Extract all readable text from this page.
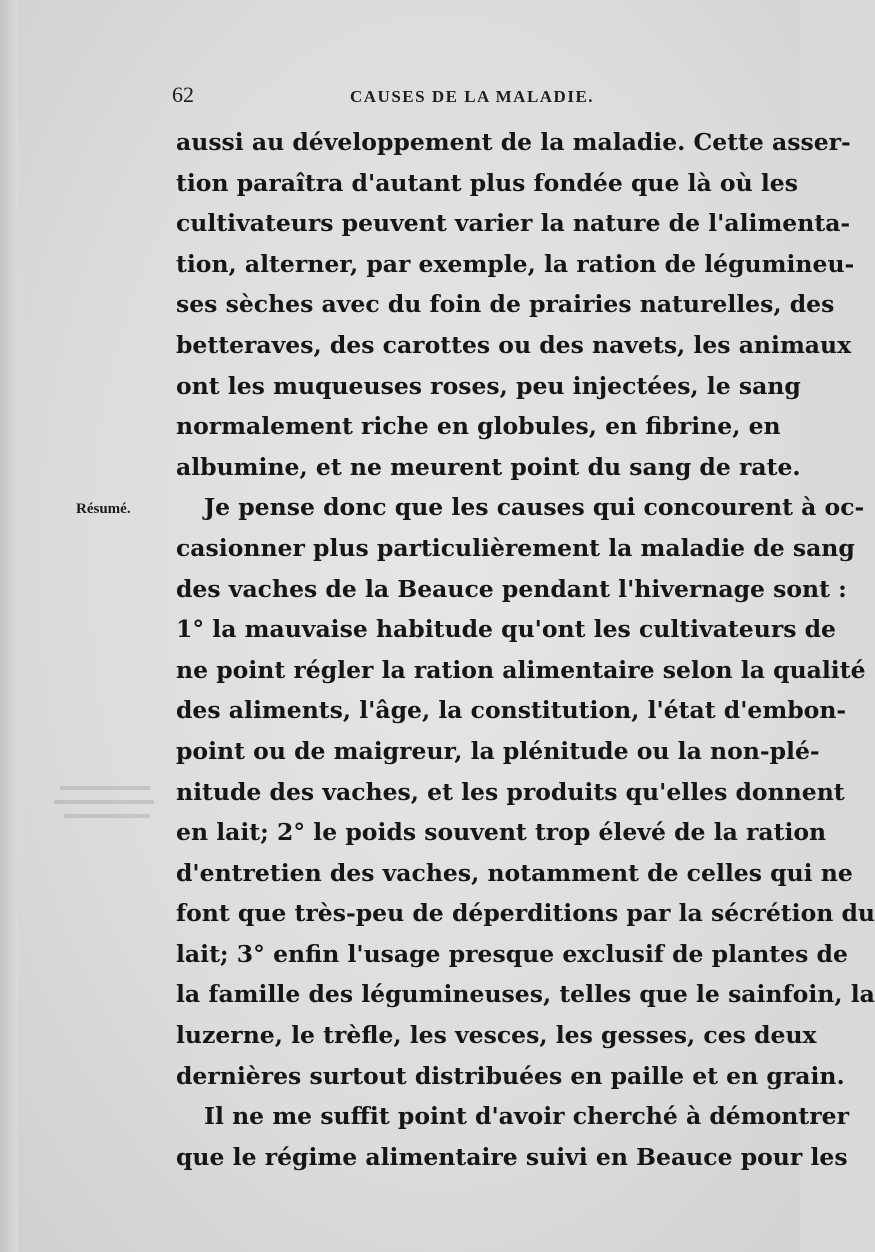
62	CAUSES DE LA MALADIE.
Résumé.
aussi au développement de la maladie. Cette asser-
tion paraîtra d'autant plus fondée que là où les
cultivateurs peuvent varier la nature de l'alimenta-
tion, alterner, par exemple, la ration de légumineu-
ses sèches avec du foin de prairies naturelles, des
betteraves, des carottes ou des navets, les animaux
ont les muqueuses roses, peu injectées, le sang
normalement riche en globules, en fibrine, en
albumine, et ne meurent point du sang de rate.
Je pense donc que les causes qui concourent à oc-
casionner plus particulièrement la maladie de sang
des vaches de la Beauce pendant l'hivernage sont :
1° la mauvaise habitude qu'ont les cultivateurs de
ne point régler la ration alimentaire selon la qualité
des aliments, l'âge, la constitution, l'état d'embon-
point ou de maigreur, la plénitude ou la non-plé-
nitude des vaches, et les produits qu'elles donnent
en lait; 2° le poids souvent trop élevé de la ration
d'entretien des vaches, notamment de celles qui ne
font que très-peu de déperditions par la sécrétion du
lait; 3° enfin l'usage presque exclusif de plantes de
la famille des légumineuses, telles que le sainfoin, la
luzerne, le trèfle, les vesces, les gesses, ces deux
dernières surtout distribuées en paille et en grain.
Il ne me suffit point d'avoir cherché à démontrer
que le régime alimentaire suivi en Beauce pour les
